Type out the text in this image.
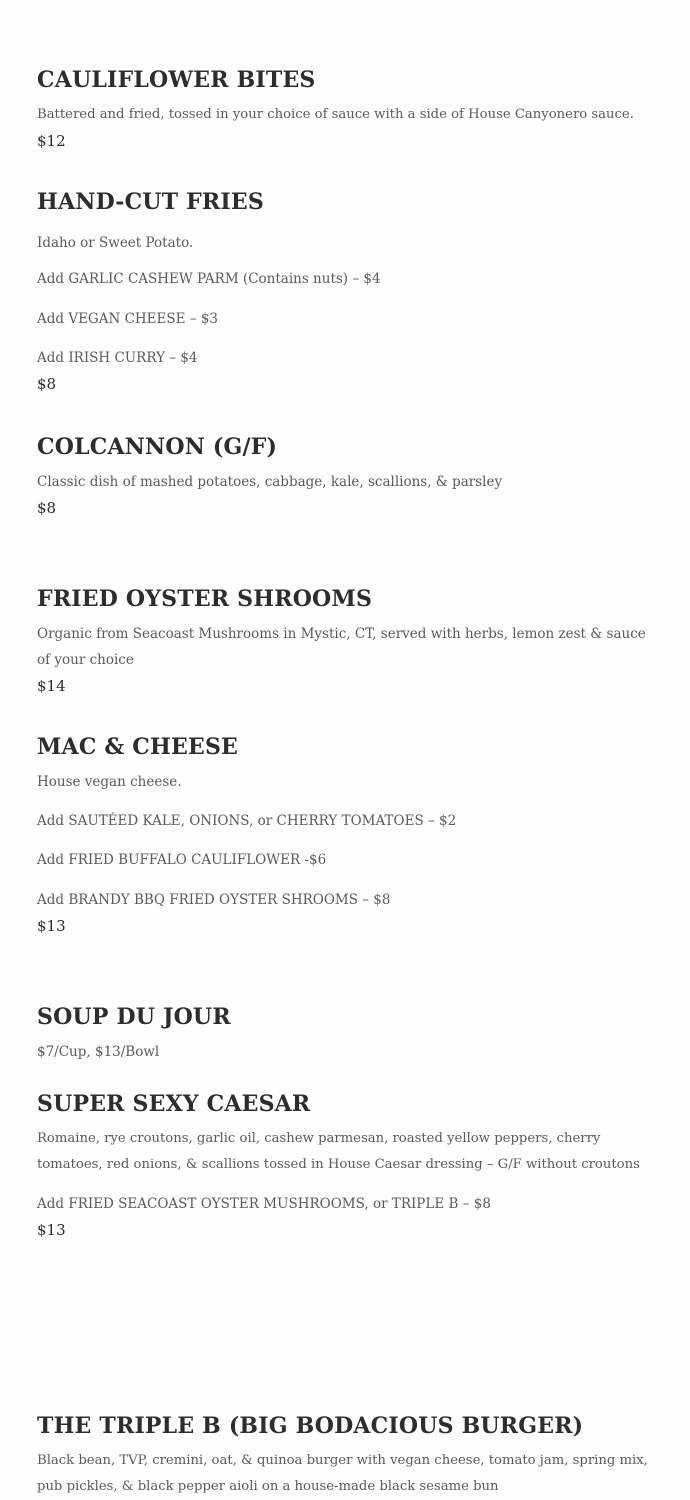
CAULIFLOWER BITES

Battered and fried, tossed in your choice of sauce with a side of House Canyonero sauce.

$12

HAND-CUT FRIES

Idaho or Sweet Potato.

Add GARLIC CASHEW PARM (Contains nuts) – $4

Add VEGAN CHEESE – $3

Add IRISH CURRY – $4

$8

COLCANNON (G/F)

Classic dish of mashed potatoes, cabbage, kale, scallions, & parsley

$8

FRIED OYSTER SHROOMS

Organic from Seacoast Mushrooms in Mystic, CT, served with herbs, lemon zest & sauce of your choice

$14

MAC & CHEESE

House vegan cheese.

Add SAUTÉED KALE, ONIONS, or CHERRY TOMATOES – $2

Add FRIED BUFFALO CAULIFLOWER -$6

Add BRANDY BBQ FRIED OYSTER SHROOMS – $8

$13

SOUP DU JOUR

$7/Cup, $13/Bowl

SUPER SEXY CAESAR

Romaine, rye croutons, garlic oil, cashew parmesan, roasted yellow peppers, cherry tomatoes, red onions, & scallions tossed in House Caesar dressing – G/F without croutons

Add FRIED SEACOAST OYSTER MUSHROOMS, or TRIPLE B – $8

$13

THE TRIPLE B (BIG BODACIOUS BURGER)

Black bean, TVP, cremini, oat, & quinoa burger with vegan cheese, tomato jam, spring mix, pub pickles, & black pepper aioli on a house-made black sesame bun
